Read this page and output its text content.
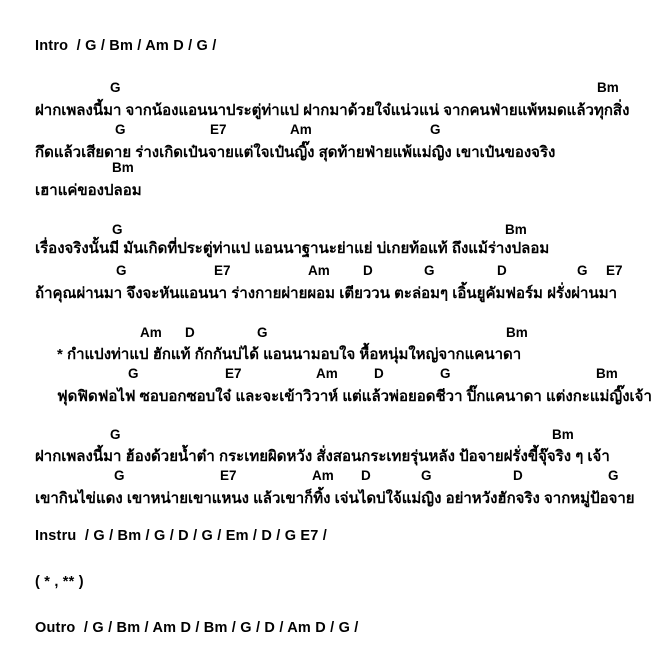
Intro  / G / Bm / Am D / G /
G	Bm
ฝากเพลงนี้มา จากน้องแอนนาประตู่ท่าแป ฝากมาด้วยใจ๋แน่วแน่ จากคนฟ่ายแพ้หมดแล้วทุกสิ่ง
G	E7	Am	G
กึดแล้วเสียดาย ร่างเกิดเป๋นจายแต่ใจเป๋นญิ๊ง สุดท้ายฟ่ายแพ้แม่ญิง เขาเป๋นของจริง
Bm
เฮาแค่ของปลอม
G	Bm
เรื่องจริงนั้นมี มันเกิดที่ประตู่ท่าแป แอนนาฐานะย่าแย่ บ่เกยท้อแท้ ถึงแม้ร่างปลอม
G	E7	Am D	G	D	G E7
ถ้าคุณผ่านมา จึงจะหันแอนนา ร่างกายผ่ายผอม เตียววน ตะล่อมๆ เอิ้นยูคัมฟอร์ม ฝรั่งผ่านมา
Am D	G	Bm
* กำแปงท่าแป ฮักแท้ กักกันบ่ได้ แอนนามอบใจ หื้อหนุ่มใหญ่จากแคนาดา
G	E7	Am	D	G	Bm
ฟุดฟิดฟอไฟ ซอบอกซอบใจ๋ และจะเข้าวิวาห์ แต่แล้วพ่อยอดชีวา ปิ๊กแคนาดา แต่งกะแม่ญิ๊งเจ้า
G	Bm
ฝากเพลงนี้มา ฮ้องด้วยน้ำต๋า กระเทยผิดหวัง สั่งสอนกระเทยรุ่นหลัง ป้อจายฝรั่งขี้จุ๊จริง ๆ เจ้า
G	E7	Am D	G	D	G
เขากินไข่แดง เขาหน่ายเขาแหนง แล้วเขาก็ทิ้ง เจ่นไดบ่ใจ้แม่ญิง อย่าหวังฮักจริง จากหมู่ป้อจาย
Instru  / G / Bm / G / D / G / Em / D / G E7 /
( * , ** )
Outro  / G / Bm / Am D / Bm / G / D / Am D / G /
